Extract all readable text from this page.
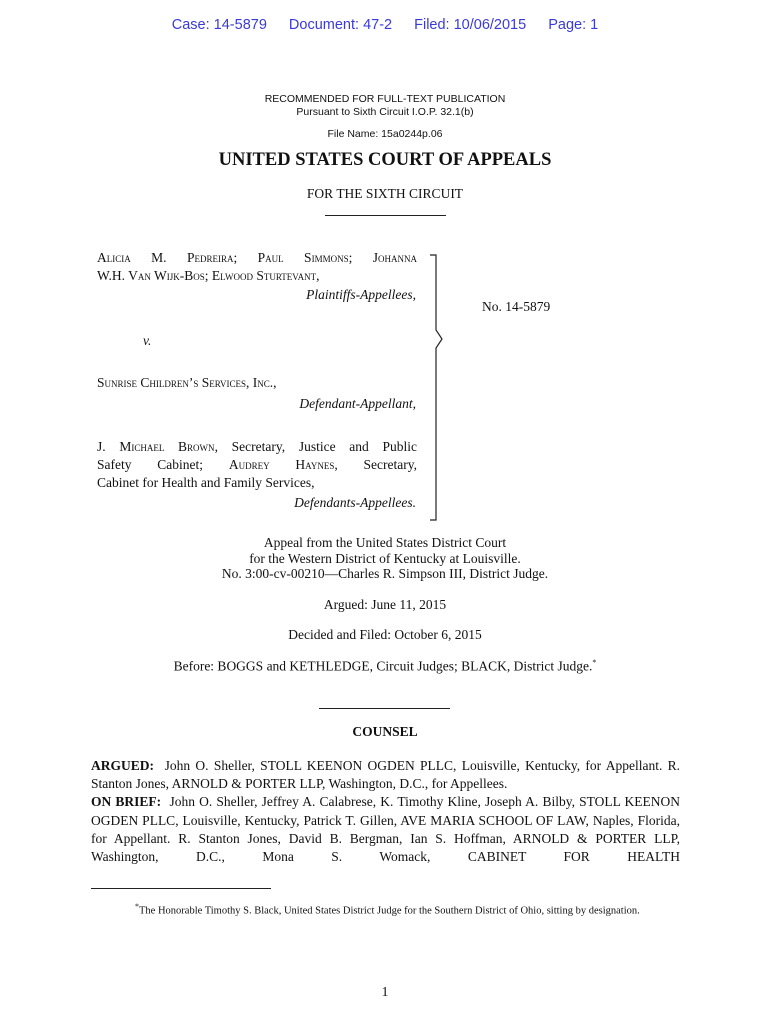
Case: 14-5879 Document: 47-2 Filed: 10/06/2015 Page: 1
RECOMMENDED FOR FULL-TEXT PUBLICATION
Pursuant to Sixth Circuit I.O.P. 32.1(b)
File Name: 15a0244p.06
UNITED STATES COURT OF APPEALS
FOR THE SIXTH CIRCUIT
Alicia M. Pedreira; Paul Simmons; Johanna
W.H. Van Wijk-Bos; Elwood Sturtevant,
Plaintiffs-Appellees,
v.
Sunrise Children’s Services, Inc.,
Defendant-Appellant,
J. Michael Brown, Secretary, Justice and Public
Safety Cabinet; Audrey Haynes, Secretary,
Cabinet for Health and Family Services,
Defendants-Appellees.
No. 14-5879
Appeal from the United States District Court
for the Western District of Kentucky at Louisville.
No. 3:00-cv-00210—Charles R. Simpson III, District Judge.
Argued: June 11, 2015
Decided and Filed: October 6, 2015
Before: BOGGS and KETHLEDGE, Circuit Judges; BLACK, District Judge.*
COUNSEL

ARGUED: John O. Sheller, STOLL KEENON OGDEN PLLC, Louisville, Kentucky, for Appellant. R. Stanton Jones, ARNOLD & PORTER LLP, Washington, D.C., for Appellees.

ON BRIEF: John O. Sheller, Jeffrey A. Calabrese, K. Timothy Kline, Joseph A. Bilby, STOLL KEENON OGDEN PLLC, Louisville, Kentucky, Patrick T. Gillen, AVE MARIA SCHOOL OF LAW, Naples, Florida, for Appellant. R. Stanton Jones, David B. Bergman, Ian S. Hoffman, ARNOLD & PORTER LLP, Washington, D.C., Mona S. Womack, CABINET FOR HEALTH

*The Honorable Timothy S. Black, United States District Judge for the Southern District of Ohio, sitting by designation.
1
